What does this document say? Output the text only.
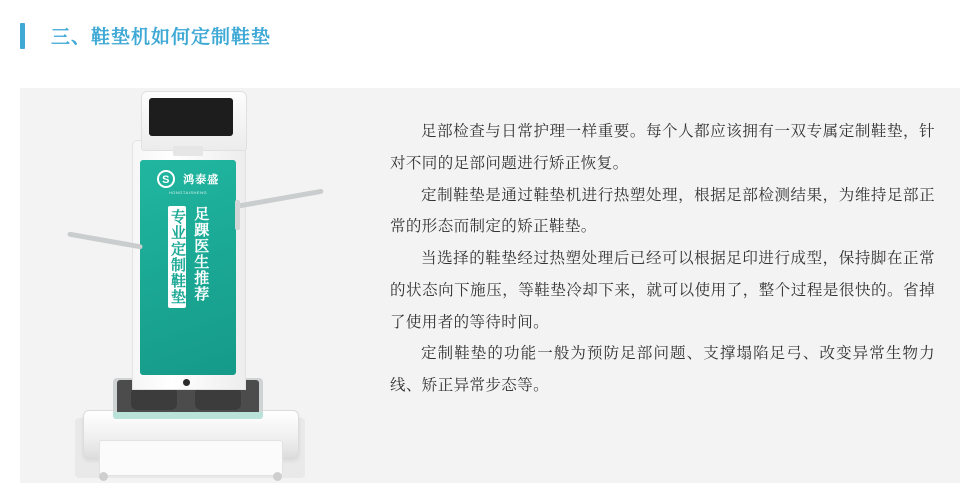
三、鞋垫机如何定制鞋垫
S 鸿泰盛
HONGTAISHENG
专业定制鞋垫 足踝医生推荐

足部检查与日常护理一样重要。每个人都应该拥有一双专属定制鞋垫，针对不同的足部问题进行矫正恢复。

定制鞋垫是通过鞋垫机进行热塑处理，根据足部检测结果，为维持足部正常的形态而制定的矫正鞋垫。

当选择的鞋垫经过热塑处理后已经可以根据足印进行成型，保持脚在正常的状态向下施压，等鞋垫冷却下来，就可以使用了，整个过程是很快的。省掉了使用者的等待时间。

定制鞋垫的功能一般为预防足部问题、支撑塌陷足弓、改变异常生物力线、矫正异常步态等。
